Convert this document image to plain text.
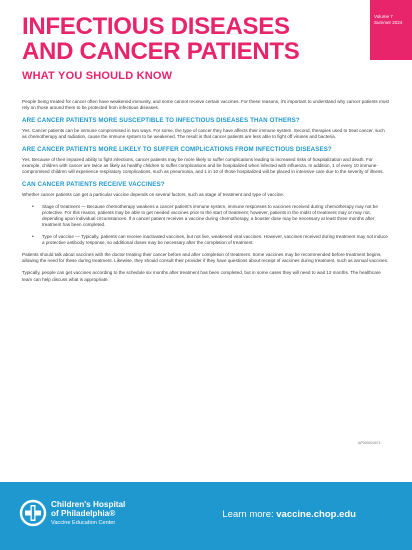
INFECTIOUS DISEASES
AND CANCER PATIENTS
WHAT YOU SHOULD KNOW
Volume 7
Summer 2024

People being treated for cancer often have weakened immunity, and some cannot receive certain vaccines. For these reasons, it's important to understand why cancer patients must rely on those around them to be protected from infectious diseases.

ARE CANCER PATIENTS MORE SUSCEPTIBLE TO INFECTIOUS DISEASES THAN OTHERS?

Yes. Cancer patients can be immune compromised in two ways. For some, the type of cancer they have affects their immune system. Second, therapies used to treat cancer, such as chemotherapy and radiation, cause the immune system to be weakened. The result is that cancer patients are less able to fight off viruses and bacteria.

ARE CANCER PATIENTS MORE LIKELY TO SUFFER COMPLICATIONS FROM INFECTIOUS DISEASES?

Yes. Because of their impaired ability to fight infections, cancer patients may be more likely to suffer complications leading to increased risks of hospitalization and death. For example, children with cancer are twice as likely as healthy children to suffer complications and be hospitalized when infected with influenza. In addition, 1 of every 10 immune-compromised children will experience respiratory complications, such as pneumonia, and 1 in 10 of those hospitalized will be placed in intensive care due to the severity of illness.

CAN CANCER PATIENTS RECEIVE VACCINES?

Whether cancer patients can get a particular vaccine depends on several factors, such as stage of treatment and type of vaccine.

• Stage of treatment — Because chemotherapy weakens a cancer patient's immune system, immune responses to vaccines received during chemotherapy may not be protective. For this reason, patients may be able to get needed vaccines prior to the start of treatment; however, patients in the midst of treatment may or may not, depending upon individual circumstances. If a cancer patient receives a vaccine during chemotherapy, a booster dose may be necessary at least three months after treatment has been completed.
• Type of vaccine — Typically, patients can receive inactivated vaccines, but not live, weakened viral vaccines. However, vaccines received during treatment may not induce a protective antibody response, so additional doses may be necessary after the completion of treatment.

Patients should talk about vaccines with the doctor treating their cancer before and after completion of treatment. Some vaccines may be recommended before treatment begins, allowing the need for these during treatment. Likewise, they should consult their provider if they have questions about receipt of vaccines during treatment, such as annual vaccines.

Typically, people can get vaccines according to the schedule six months after treatment has been completed, but in some cases they will need to wait 12 months. The healthcare team can help discuss what is appropriate.

AP000024071
Children's Hospital
of Philadelphia®
Vaccine Education Center
Learn more: vaccine.chop.edu
